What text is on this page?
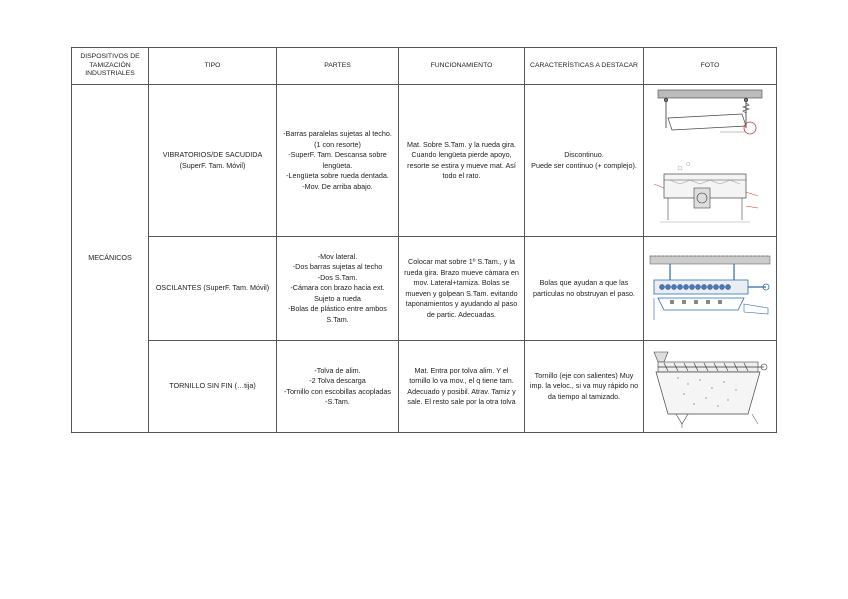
DISPOSITIVOS DE TAMIZACIÓN INDUSTRIALES	TIPO	PARTES	FUNCIONAMIENTO	CARACTERÍSTICAS A DESTACAR	FOTO
MECÁNICOS	VIBRATORIOS/DE SACUDIDA (SuperF. Tam. Móvil)	-Barras paralelas sujetas al techo. (1 con resorte)
-SuperF. Tam. Descansa sobre lengüeta.
-Lengüeta sobre rueda dentada.
-Mov. De arriba abajo.	Mat. Sobre S.Tam. y la rueda gira. Cuando lengüeta pierde apoyo, resorte se estira y mueve mat. Así todo el rato.	Discontinuo.
Puede ser continuo (+ complejo).

	OSCILANTES (SuperF. Tam. Móvil)	-Mov lateral.
-Dos barras sujetas al techo
-Dos S.Tam.
-Cámara con brazo hacia ext. Sujeto a rueda
-Bolas de plástico entre ambos S.Tam.	Colocar mat sobre 1º S.Tam., y la rueda gira. Brazo mueve cámara en mov. Lateral+tamiza. Bolas se mueven y golpean S.Tam. evitando taponamientos y ayudando al paso de partic. Adecuadas.	Bolas que ayudan a que las partículas no obstruyan el paso.

	TORNILLO SIN FIN (…tija)	-Tolva de alim.
-2 Tolva descarga
-Tornillo con escobillas acopladas
-S.Tam.	Mat. Entra por tolva alim. Y el tornillo lo va mov., el q tiene tam. Adecuado y posibil. Atrav. Tamiz y sale. El resto sale por la otra tolva	Tornillo (eje con salientes) Muy imp. la veloc., si va muy rápido no da tiempo al tamizado.	
